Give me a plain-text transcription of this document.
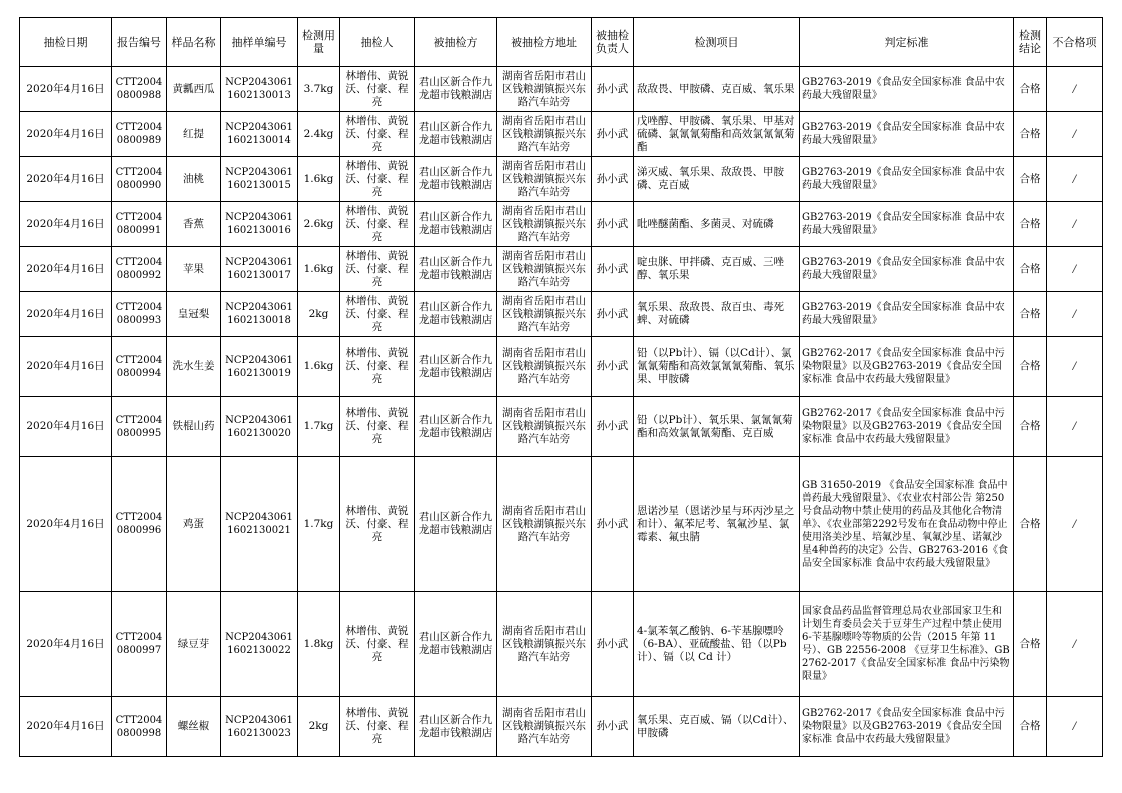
抽检日期	报告编号	样品名称	抽样单编号	检测用量	抽检人	被抽检方	被抽检方地址	被抽检负责人	检测项目	判定标准	检测结论	不合格项
2020年4月16日	CTT20040800988	黄瓤西瓜	NCP20430611602130013	3.7kg	林增伟、黄锐沃、付豪、程亮	君山区新合作九龙超市钱粮湖店	湖南省岳阳市君山区钱粮湖镇振兴东路汽车站旁	孙小武	敌敌畏、甲胺磷、克百威、氧乐果	GB2763-2019《食品安全国家标准 食品中农药最大残留限量》	合格	/
2020年4月16日	CTT20040800989	红提	NCP20430611602130014	2.4kg	林增伟、黄锐沃、付豪、程亮	君山区新合作九龙超市钱粮湖店	湖南省岳阳市君山区钱粮湖镇振兴东路汽车站旁	孙小武	戊唑醇、甲胺磷、氧乐果、甲基对硫磷、氯氰氰菊酯和高效氯氰氰菊酯	GB2763-2019《食品安全国家标准 食品中农药最大残留限量》	合格	/
2020年4月16日	CTT20040800990	油桃	NCP20430611602130015	1.6kg	林增伟、黄锐沃、付豪、程亮	君山区新合作九龙超市钱粮湖店	湖南省岳阳市君山区钱粮湖镇振兴东路汽车站旁	孙小武	涕灭威、氧乐果、敌敌畏、甲胺磷、克百威	GB2763-2019《食品安全国家标准 食品中农药最大残留限量》	合格	/
2020年4月16日	CTT20040800991	香蕉	NCP20430611602130016	2.6kg	林增伟、黄锐沃、付豪、程亮	君山区新合作九龙超市钱粮湖店	湖南省岳阳市君山区钱粮湖镇振兴东路汽车站旁	孙小武	吡唑醚菌酯、多菌灵、对硫磷	GB2763-2019《食品安全国家标准 食品中农药最大残留限量》	合格	/
2020年4月16日	CTT20040800992	苹果	NCP20430611602130017	1.6kg	林增伟、黄锐沃、付豪、程亮	君山区新合作九龙超市钱粮湖店	湖南省岳阳市君山区钱粮湖镇振兴东路汽车站旁	孙小武	啶虫脒、甲拌磷、克百威、三唑醇、氧乐果	GB2763-2019《食品安全国家标准 食品中农药最大残留限量》	合格	/
2020年4月16日	CTT20040800993	皇冠梨	NCP20430611602130018	2kg	林增伟、黄锐沃、付豪、程亮	君山区新合作九龙超市钱粮湖店	湖南省岳阳市君山区钱粮湖镇振兴东路汽车站旁	孙小武	氧乐果、敌敌畏、敌百虫、毒死蜱、对硫磷	GB2763-2019《食品安全国家标准 食品中农药最大残留限量》	合格	/
2020年4月16日	CTT20040800994	洗水生姜	NCP20430611602130019	1.6kg	林增伟、黄锐沃、付豪、程亮	君山区新合作九龙超市钱粮湖店	湖南省岳阳市君山区钱粮湖镇振兴东路汽车站旁	孙小武	铅（以Pb计）、镉（以Cd计）、氯氰氰菊酯和高效氯氰氰菊酯、氧乐果、甲胺磷	GB2762-2017《食品安全国家标准 食品中污染物限量》以及GB2763-2019《食品安全国家标准 食品中农药最大残留限量》	合格	/
2020年4月16日	CTT20040800995	铁棍山药	NCP20430611602130020	1.7kg	林增伟、黄锐沃、付豪、程亮	君山区新合作九龙超市钱粮湖店	湖南省岳阳市君山区钱粮湖镇振兴东路汽车站旁	孙小武	铅（以Pb计）、氧乐果、氯氰氰菊酯和高效氯氰氰菊酯、克百威	GB2762-2017《食品安全国家标准 食品中污染物限量》以及GB2763-2019《食品安全国家标准 食品中农药最大残留限量》	合格	/
2020年4月16日	CTT20040800996	鸡蛋	NCP20430611602130021	1.7kg	林增伟、黄锐沃、付豪、程亮	君山区新合作九龙超市钱粮湖店	湖南省岳阳市君山区钱粮湖镇振兴东路汽车站旁	孙小武	恩诺沙星（恩诺沙星与环丙沙星之和计）、氟苯尼考、氧氟沙星、氯霉素、氟虫腈	GB 31650-2019 《食品安全国家标准 食品中兽药最大残留限量》、《农业农村部公告 第250号食品动物中禁止使用的药品及其他化合物清单》、《农业部第2292号发布在食品动物中停止使用洛美沙星、培氟沙星、氧氟沙星、诺氟沙星4种兽药的决定》公告、GB2763-2016《食品安全国家标准 食品中农药最大残留限量》	合格	/
2020年4月16日	CTT20040800997	绿豆芽	NCP20430611602130022	1.8kg	林增伟、黄锐沃、付豪、程亮	君山区新合作九龙超市钱粮湖店	湖南省岳阳市君山区钱粮湖镇振兴东路汽车站旁	孙小武	4-氯苯氧乙酸钠、6-苄基腺嘌呤（6-BA）、亚硫酸盐、铅（以Pb计）、镉（以 Cd 计）	国家食品药品监督管理总局农业部国家卫生和计划生育委员会关于豆芽生产过程中禁止使用 6-苄基腺嘌呤等物质的公告（2015 年第 11 号）、GB 22556-2008 《豆芽卫生标准》、GB2762-2017《食品安全国家标准 食品中污染物限量》	合格	/
2020年4月16日	CTT20040800998	螺丝椒	NCP20430611602130023	2kg	林增伟、黄锐沃、付豪、程亮	君山区新合作九龙超市钱粮湖店	湖南省岳阳市君山区钱粮湖镇振兴东路汽车站旁	孙小武	氧乐果、克百威、镉（以Cd计）、甲胺磷	GB2762-2017《食品安全国家标准 食品中污染物限量》以及GB2763-2019《食品安全国家标准 食品中农药最大残留限量》	合格	/
